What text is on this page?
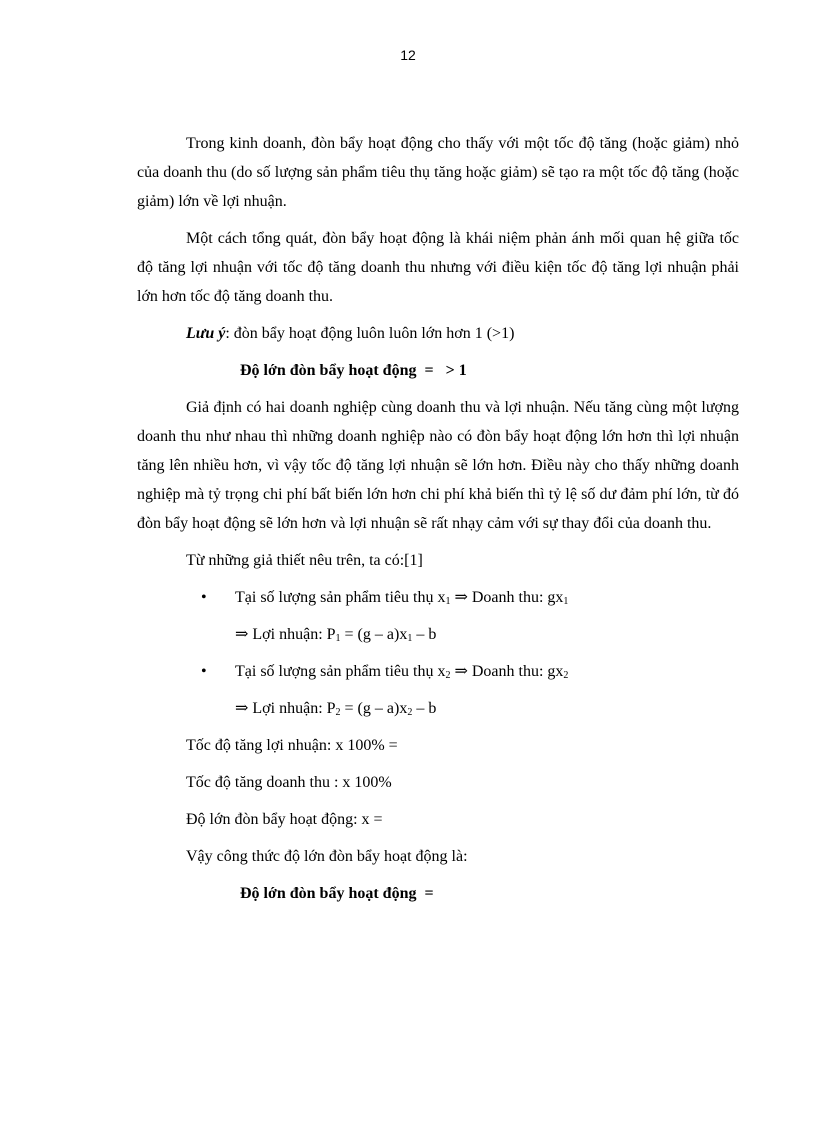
12

Trong kinh doanh, đòn bẩy hoạt động cho thấy với một tốc độ tăng (hoặc giảm) nhỏ của doanh thu (do số lượng sản phẩm tiêu thụ tăng hoặc giảm) sẽ tạo ra một tốc độ tăng (hoặc giảm) lớn về lợi nhuận.

Một cách tổng quát, đòn bẩy hoạt động là khái niệm phản ánh mối quan hệ giữa tốc độ tăng lợi nhuận với tốc độ tăng doanh thu nhưng với điều kiện tốc độ tăng lợi nhuận phải lớn hơn tốc độ tăng doanh thu.

Lưu ý: đòn bẩy hoạt động luôn luôn lớn hơn 1 (>1)

Độ lớn đòn bẩy hoạt động = > 1

Giả định có hai doanh nghiệp cùng doanh thu và lợi nhuận. Nếu tăng cùng một lượng doanh thu như nhau thì những doanh nghiệp nào có đòn bẩy hoạt động lớn hơn thì lợi nhuận tăng lên nhiều hơn, vì vậy tốc độ tăng lợi nhuận sẽ lớn hơn. Điều này cho thấy những doanh nghiệp mà tỷ trọng chi phí bất biến lớn hơn chi phí khả biến thì tỷ lệ số dư đảm phí lớn, từ đó đòn bẩy hoạt động sẽ lớn hơn và lợi nhuận sẽ rất nhạy cảm với sự thay đổi của doanh thu.

Từ những giả thiết nêu trên, ta có:[1]

• Tại số lượng sản phẩm tiêu thụ $x_1$ ⇒ Doanh thu: $gx_1$

⇒ Lợi nhuận: $P_1 = (g - a)x_1 - b$

• Tại số lượng sản phẩm tiêu thụ $x_2$ ⇒ Doanh thu: $gx_2$

⇒ Lợi nhuận: $P_2 = (g - a)x_2 - b$

Tốc độ tăng lợi nhuận: x 100% =

Tốc độ tăng doanh thu : x 100%

Độ lớn đòn bẩy hoạt động: x =

Vậy công thức độ lớn đòn bẩy hoạt động là:

Độ lớn đòn bẩy hoạt động =
